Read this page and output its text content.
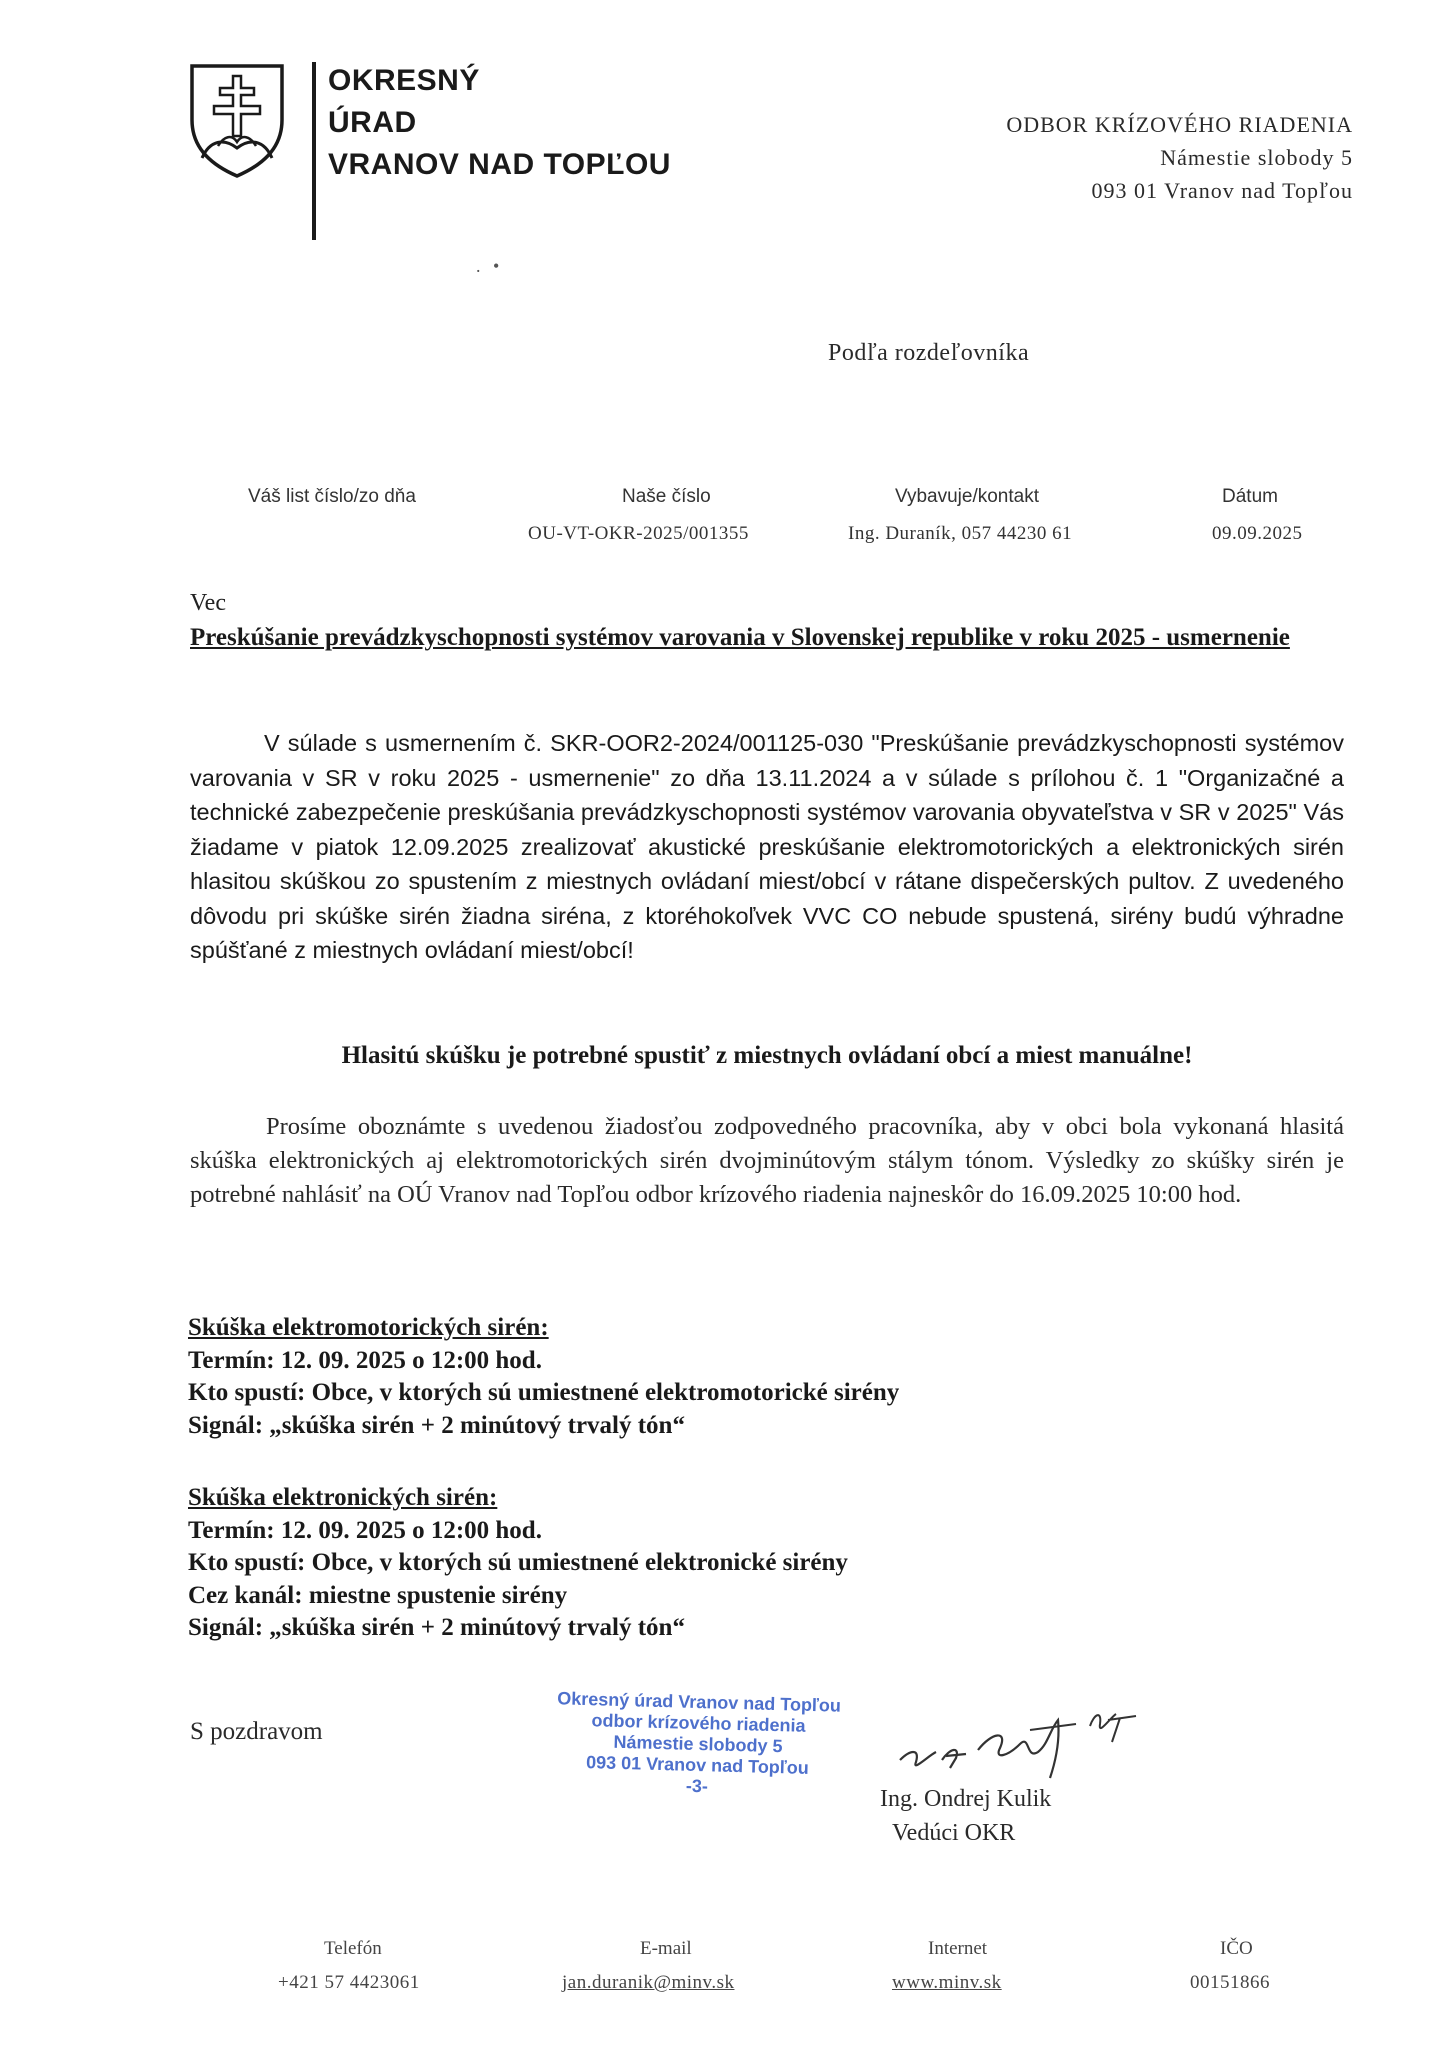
OKRESNÝ
ÚRAD
VRANOV NAD TOPĽOU
ODBOR KRÍZOVÉHO RIADENIA
Námestie slobody 5
093 01 Vranov nad Topľou
. •
Podľa rozdeľovníka
Váš list číslo/zo dňa	Naše číslo
OU-VT-OKR-2025/001355
Vybavuje/kontakt
Ing. Duraník, 057 44230 61
Dátum
09.09.2025
Vec
Preskúšanie prevádzkyschopnosti systémov varovania v Slovenskej republike v roku 2025 - usmernenie
V súlade s usmernením č. SKR-OOR2-2024/001125-030 "Preskúšanie prevádzkyschopnosti systémov varovania v SR v roku 2025 - usmernenie" zo dňa 13.11.2024 a v súlade s prílohou č. 1 "Organizačné a technické zabezpečenie preskúšania prevádzkyschopnosti systémov varovania obyvateľstva v SR v 2025" Vás žiadame v piatok 12.09.2025 zrealizovať akustické preskúšanie elektromotorických a elektronických sirén hlasitou skúškou zo spustením z miestnych ovládaní miest/obcí v rátane dispečerských pultov. Z uvedeného dôvodu pri skúške sirén žiadna siréna, z ktoréhokoľvek VVC CO nebude spustená, sirény budú výhradne spúšťané z miestnych ovládaní miest/obcí!
Hlasitú skúšku je potrebné spustiť z miestnych ovládaní obcí a miest manuálne!
Prosíme oboznámte s uvedenou žiadosťou zodpovedného pracovníka, aby v obci bola vykonaná hlasitá skúška elektronických aj elektromotorických sirén dvojminútovým stálym tónom. Výsledky zo skúšky sirén je potrebné nahlásiť na OÚ Vranov nad Topľou odbor krízového riadenia najneskôr do 16.09.2025 10:00 hod.
Skúška elektromotorických sirén:
Termín: 12. 09. 2025 o 12:00 hod.
Kto spustí: Obce, v ktorých sú umiestnené elektromotorické sirény
Signál: „skúška sirén + 2 minútový trvalý tón“
Skúška elektronických sirén:
Termín: 12. 09. 2025 o 12:00 hod.
Kto spustí: Obce, v ktorých sú umiestnené elektronické sirény
Cez kanál: miestne spustenie sirény
Signál: „skúška sirén + 2 minútový trvalý tón“
S pozdravom
Okresný úrad Vranov nad Topľou
odbor krízového riadenia
Námestie slobody 5
093 01 Vranov nad Topľou
-3-
Ing. Ondrej Kulik
Vedúci OKR
Telefón
+421 57 4423061
E-mail
jan.duranik@minv.sk
Internet
www.minv.sk
IČO
00151866
